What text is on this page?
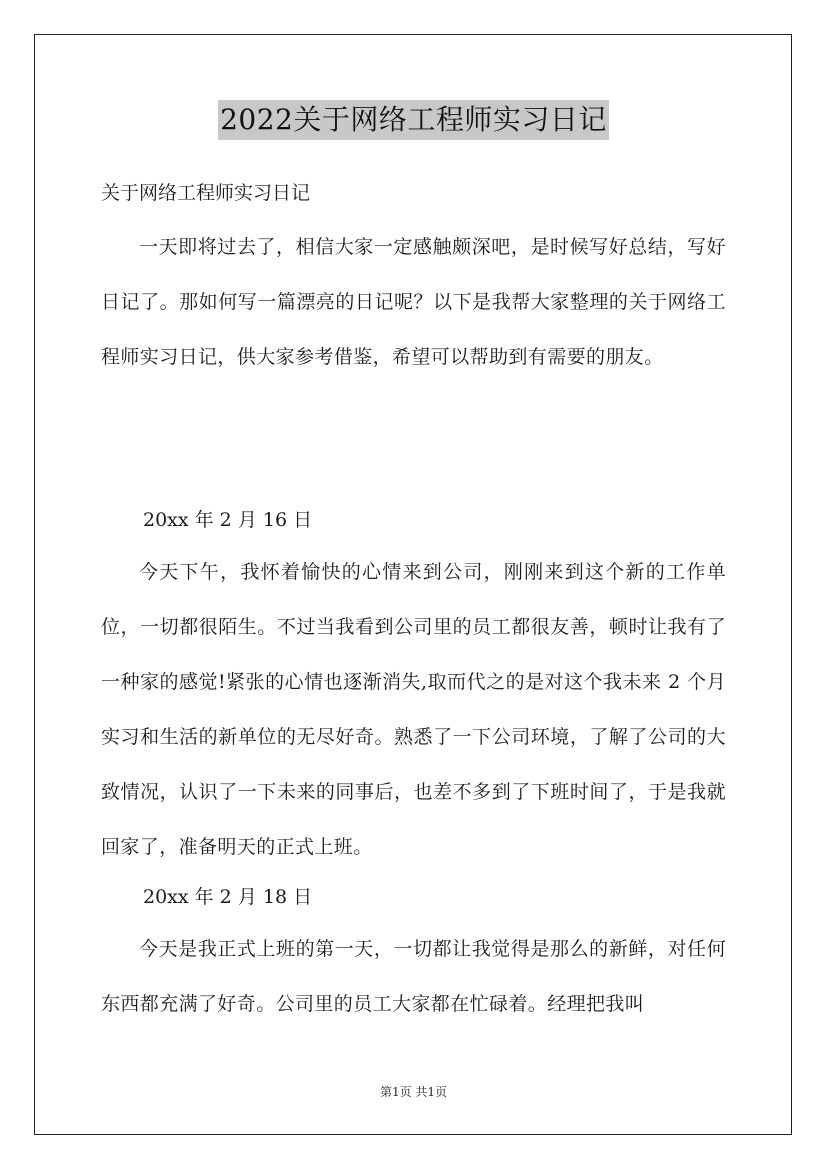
2022关于网络工程师实习日记
关于网络工程师实习日记
一天即将过去了，相信大家一定感触颇深吧，是时候写好总结，写好日记了。那如何写一篇漂亮的日记呢？以下是我帮大家整理的关于网络工程师实习日记，供大家参考借鉴，希望可以帮助到有需要的朋友。
20xx 年 2 月 16 日
今天下午，我怀着愉快的心情来到公司，刚刚来到这个新的工作单位，一切都很陌生。不过当我看到公司里的员工都很友善，顿时让我有了一种家的感觉!紧张的心情也逐渐消失,取而代之的是对这个我未来 2 个月实习和生活的新单位的无尽好奇。熟悉了一下公司环境，了解了公司的大致情况，认识了一下未来的同事后，也差不多到了下班时间了，于是我就回家了，准备明天的正式上班。
20xx 年 2 月 18 日
今天是我正式上班的第一天，一切都让我觉得是那么的新鲜，对任何东西都充满了好奇。公司里的员工大家都在忙碌着。经理把我叫
第1页 共1页
